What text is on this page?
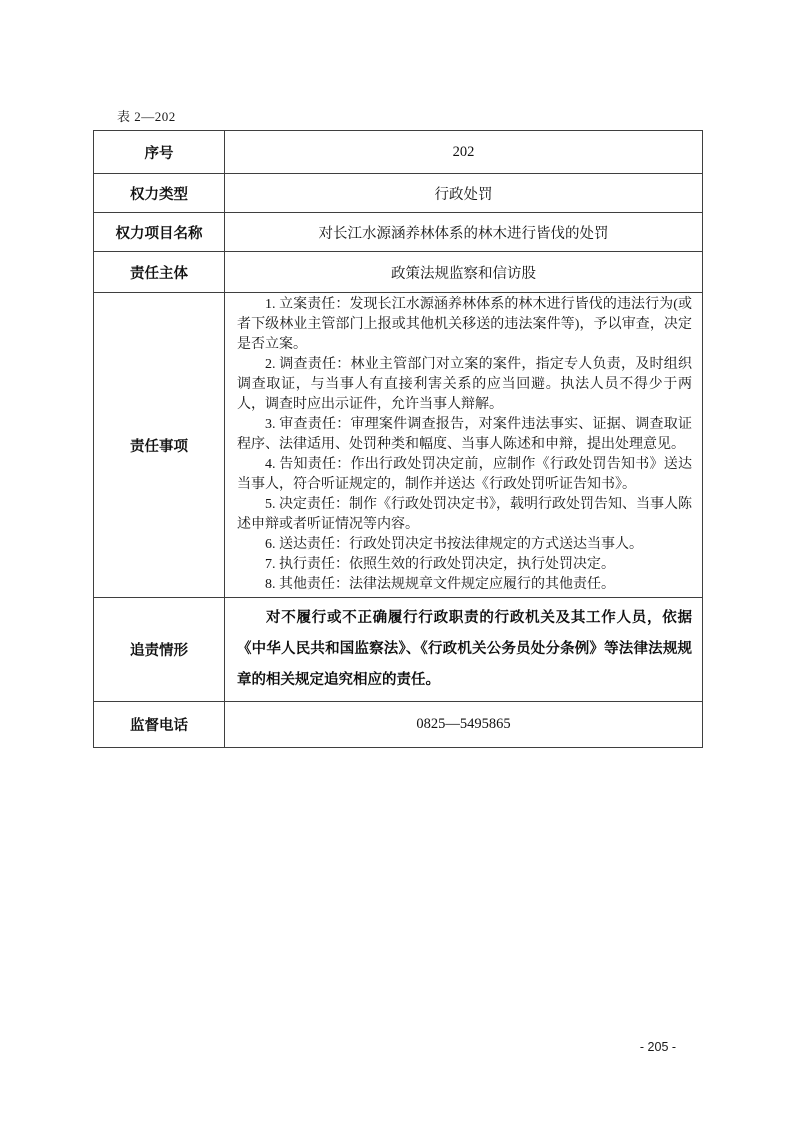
表 2—202
序号	202
权力类型	行政处罚
权力项目名称	对长江水源涵养林体系的林木进行皆伐的处罚
责任主体	政策法规监察和信访股
责任事项	

1. 立案责任：发现长江水源涵养林体系的林木进行皆伐的违法行为(或者下级林业主管部门上报或其他机关移送的违法案件等)，予以审查，决定是否立案。

2. 调查责任：林业主管部门对立案的案件，指定专人负责，及时组织调查取证，与当事人有直接利害关系的应当回避。执法人员不得少于两人，调查时应出示证件，允许当事人辩解。

3. 审查责任：审理案件调查报告，对案件违法事实、证据、调查取证程序、法律适用、处罚种类和幅度、当事人陈述和申辩，提出处理意见。

4. 告知责任：作出行政处罚决定前，应制作《行政处罚告知书》送达当事人，符合听证规定的，制作并送达《行政处罚听证告知书》。

5. 决定责任：制作《行政处罚决定书》，载明行政处罚告知、当事人陈述申辩或者听证情况等内容。

6. 送达责任：行政处罚决定书按法律规定的方式送达当事人。

7. 执行责任：依照生效的行政处罚决定，执行处罚决定。

8. 其他责任：法律法规规章文件规定应履行的其他责任。

追责情形	对不履行或不正确履行行政职责的行政机关及其工作人员，依据《中华人民共和国监察法》、《行政机关公务员处分条例》等法律法规规章的相关规定追究相应的责任。

监督电话	0825—5495865
- 205 -
